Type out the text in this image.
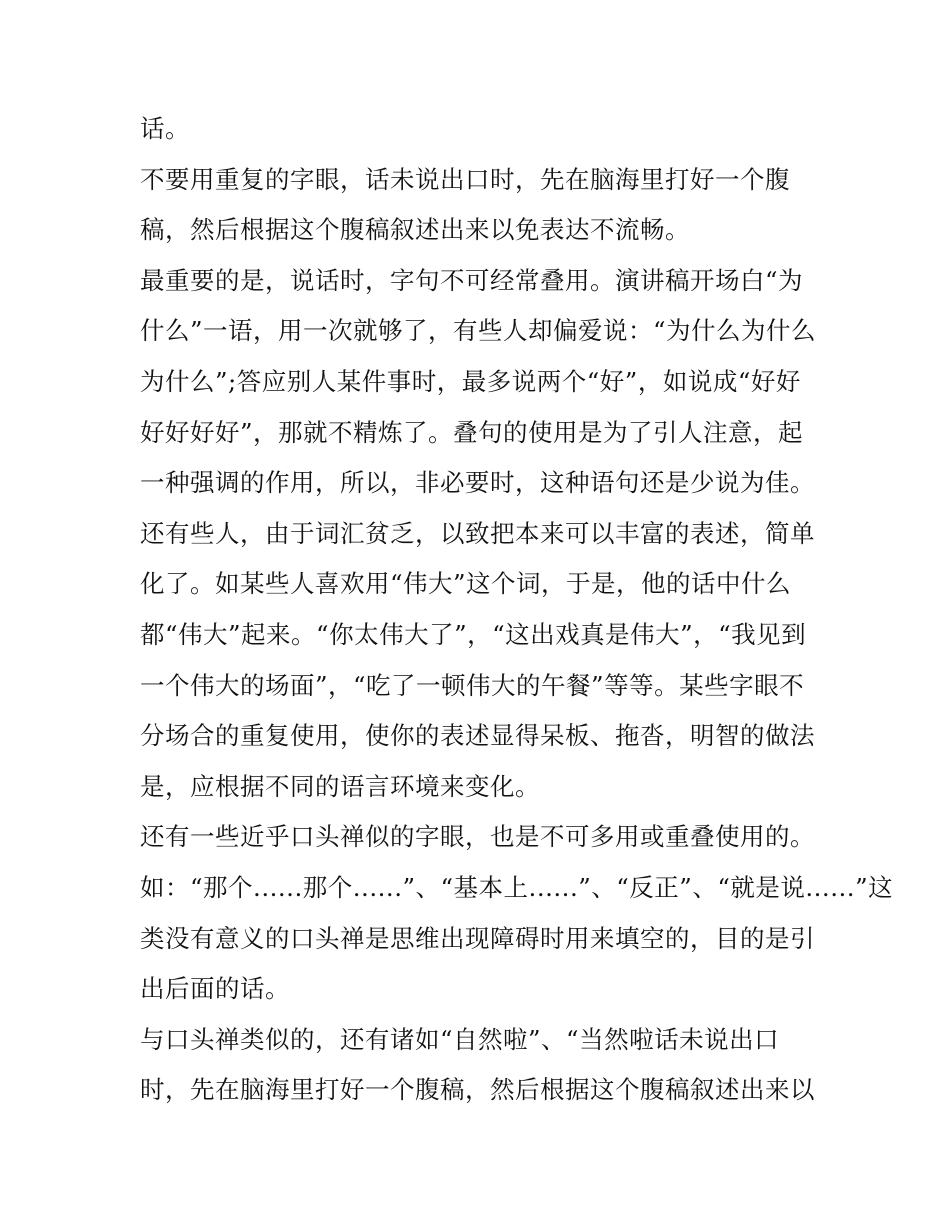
话。
不要用重复的字眼，话未说出口时，先在脑海里打好一个腹
稿，然后根据这个腹稿叙述出来以免表达不流畅。
最重要的是，说话时，字句不可经常叠用。演讲稿开场白“为
什么”一语，用一次就够了，有些人却偏爱说：“为什么为什么
为什么”;答应别人某件事时，最多说两个“好”，如说成“好好
好好好好”，那就不精炼了。叠句的使用是为了引人注意，起
一种强调的作用，所以，非必要时，这种语句还是少说为佳。
还有些人，由于词汇贫乏，以致把本来可以丰富的表述，简单
化了。如某些人喜欢用“伟大”这个词，于是，他的话中什么
都“伟大”起来。“你太伟大了”，“这出戏真是伟大”，“我见到
一个伟大的场面”，“吃了一顿伟大的午餐”等等。某些字眼不
分场合的重复使用，使你的表述显得呆板、拖沓，明智的做法
是，应根据不同的语言环境来变化。
还有一些近乎口头禅似的字眼，也是不可多用或重叠使用的。
如：“那个......那个......”、“基本上......”、“反正”、“就是说......”这
类没有意义的口头禅是思维出现障碍时用来填空的，目的是引
出后面的话。
与口头禅类似的，还有诸如“自然啦”、“当然啦话未说出口
时，先在脑海里打好一个腹稿，然后根据这个腹稿叙述出来以
